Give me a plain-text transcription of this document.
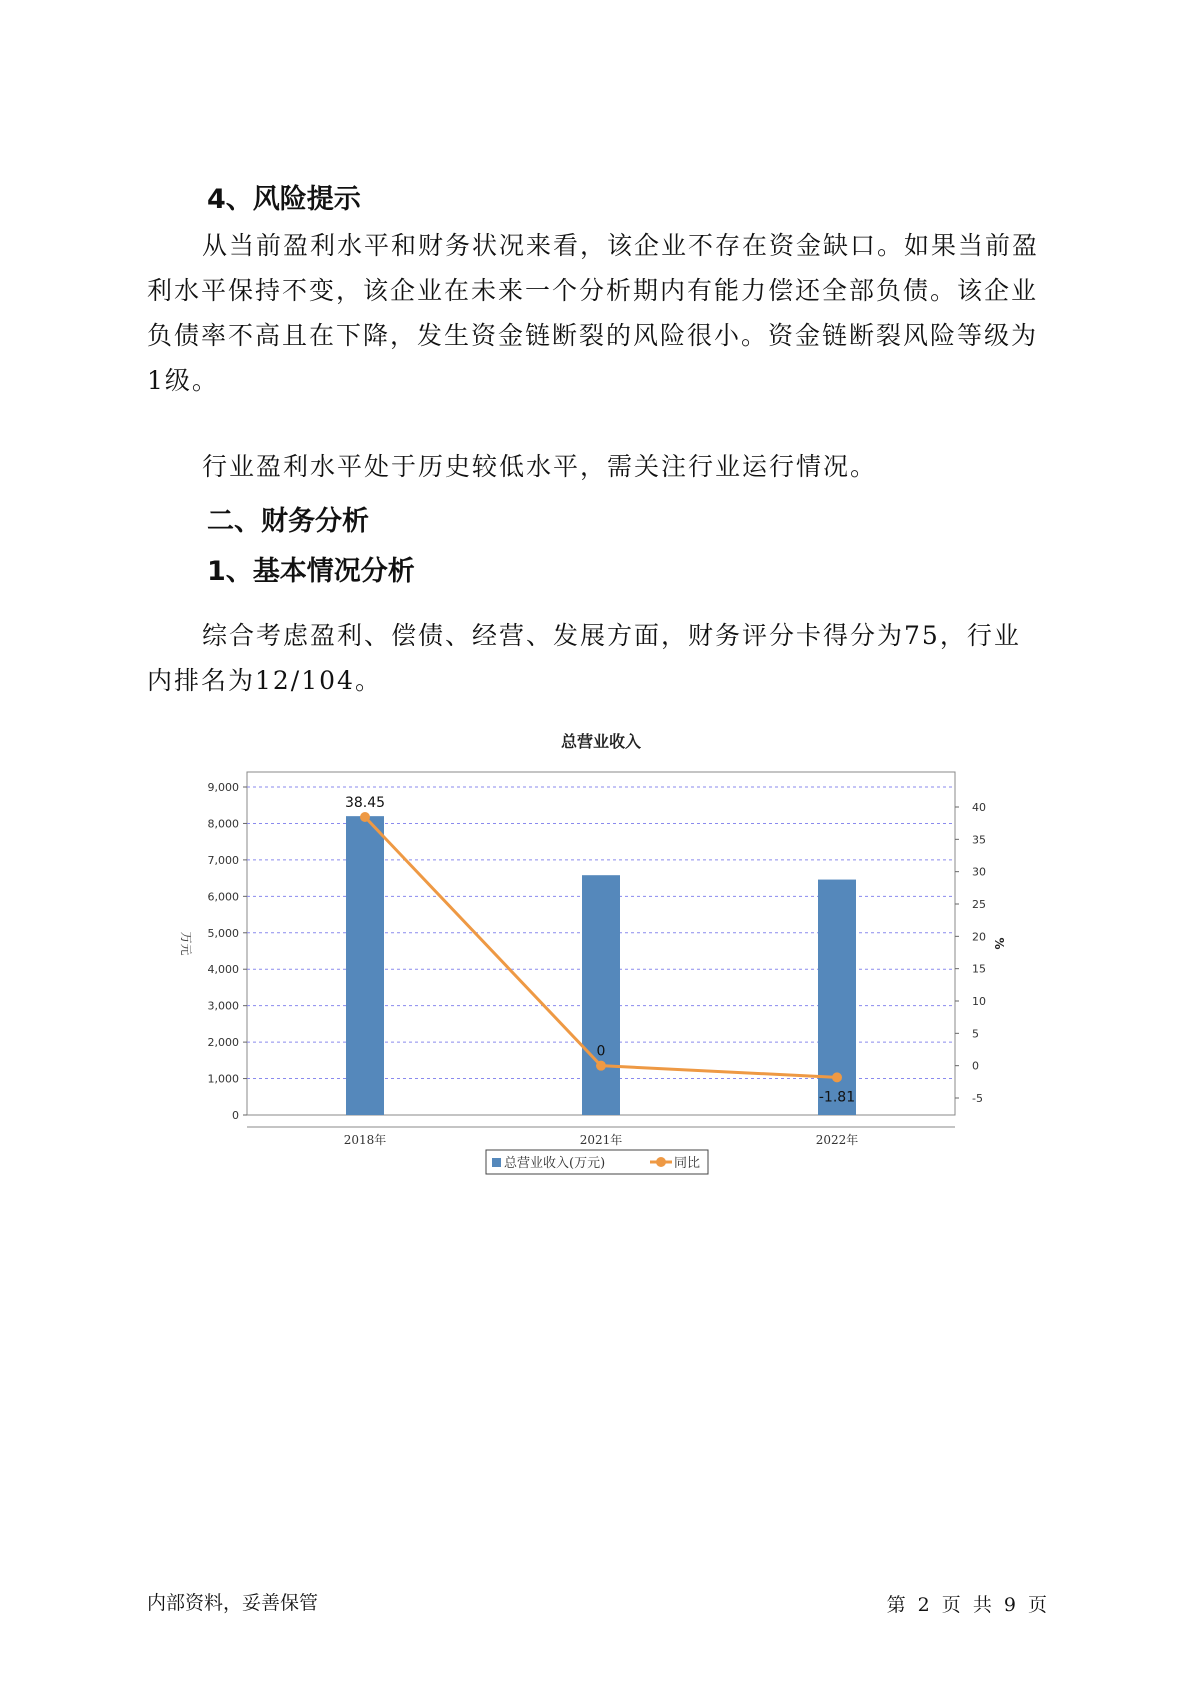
4、风险提示

从当前盈利水平和财务状况来看，该企业不存在资金缺口。如果当前盈利水平保持不变，该企业在未来一个分析期内有能力偿还全部负债。该企业负债率不高且在下降，发生资金链断裂的风险很小。资金链断裂风险等级为1级。

行业盈利水平处于历史较低水平，需关注行业运行情况。

二、财务分析
1、基本情况分析

综合考虑盈利、偿债、经营、发展方面，财务评分卡得分为75，行业内排名为12/104。

总营业收入
0
1,000
2,000
3,000
4,000
5,000
6,000
7,000
8,000
9,000
-5
0
5
10
15
20
25
30
35
40
万元	%
2018年	2021年	2022年
38.45
0
-1.81
总营业收入(万元)	同比
内部资料，妥善保管	第 2 页 共 9 页
